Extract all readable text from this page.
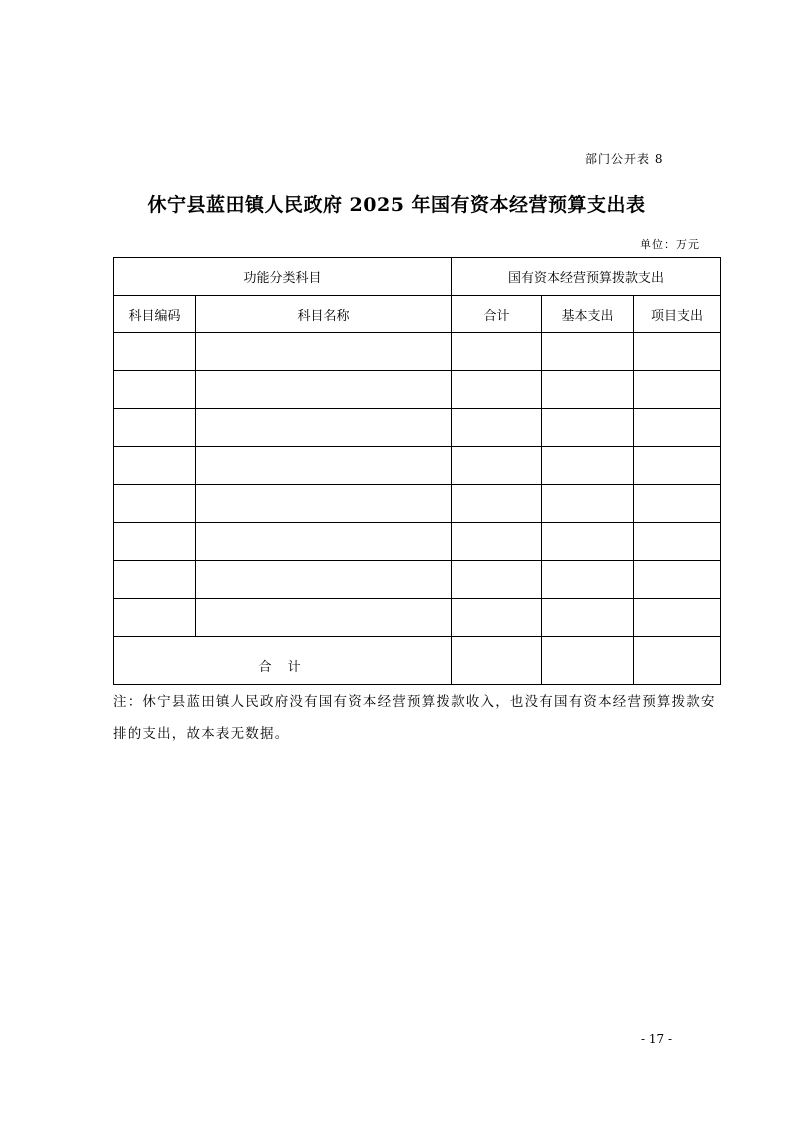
部门公开表 8
休宁县蓝田镇人民政府 2025 年国有资本经营预算支出表
单位：万元
功能分类科目		国有资本经营预算拨款支出		
科目编码	科目名称	合计	基本支出	项目支出

合 计				
注：休宁县蓝田镇人民政府没有国有资本经营预算拨款收入，也没有国有资本经营预算拨款安排的支出，故本表无数据。
- 17 -
